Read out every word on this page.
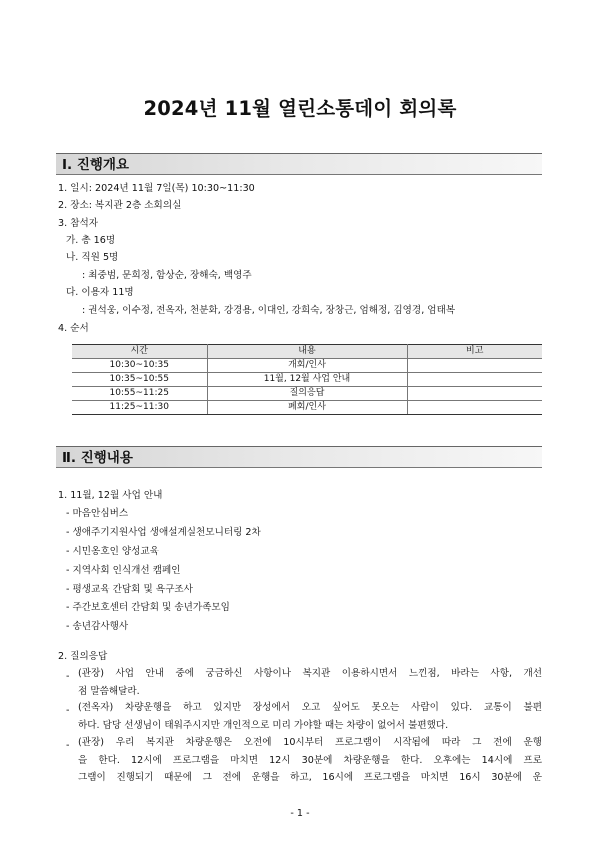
2024년 11월 열린소통데이 회의록
Ⅰ. 진행개요
1. 일시: 2024년 11월 7일(목) 10:30~11:30
2. 장소: 복지관 2층 소회의실
3. 참석자
가. 총 16명
나. 직원 5명
: 최중범, 문희정, 함상순, 장해숙, 백영주
다. 이용자 11명
: 권석웅, 이수정, 전옥자, 천분화, 강경용, 이대인, 강희숙, 장창근, 엄해정, 김영경, 엄태복
4. 순서
시간	내용	비고
10:30~10:35	개회/인사	
10:35~10:55	11월, 12월 사업 안내	
10:55~11:25	질의응답	
11:25~11:30	폐회/인사	
Ⅱ. 진행내용
1. 11월, 12월 사업 안내
- 마음안심버스
- 생애주기지원사업 생애설계실천모니터링 2차
- 시민옹호인 양성교육
- 지역사회 인식개선 캠페인
- 평생교육 간담회 및 욕구조사
- 주간보호센터 간담회 및 송년가족모임
- 송년감사행사
2. 질의응답
- (관장) 사업 안내 중에 궁금하신 사항이나 복지관 이용하시면서 느낀점, 바라는 사항, 개선
점 말씀해달라.
- (전옥자) 차량운행을 하고 있지만 장성에서 오고 싶어도 못오는 사람이 있다. 교통이 불편
하다. 담당 선생님이 태워주시지만 개인적으로 미리 가야할 때는 차량이 없어서 불편했다.
- (관장) 우리 복지관 차량운행은 오전에 10시부터 프로그램이 시작됨에 따라 그 전에 운행
을 한다. 12시에 프로그램을 마치면 12시 30분에 차량운행을 한다. 오후에는 14시에 프로
그램이 진행되기 때문에 그 전에 운행을 하고, 16시에 프로그램을 마치면 16시 30분에 운
- 1 -
